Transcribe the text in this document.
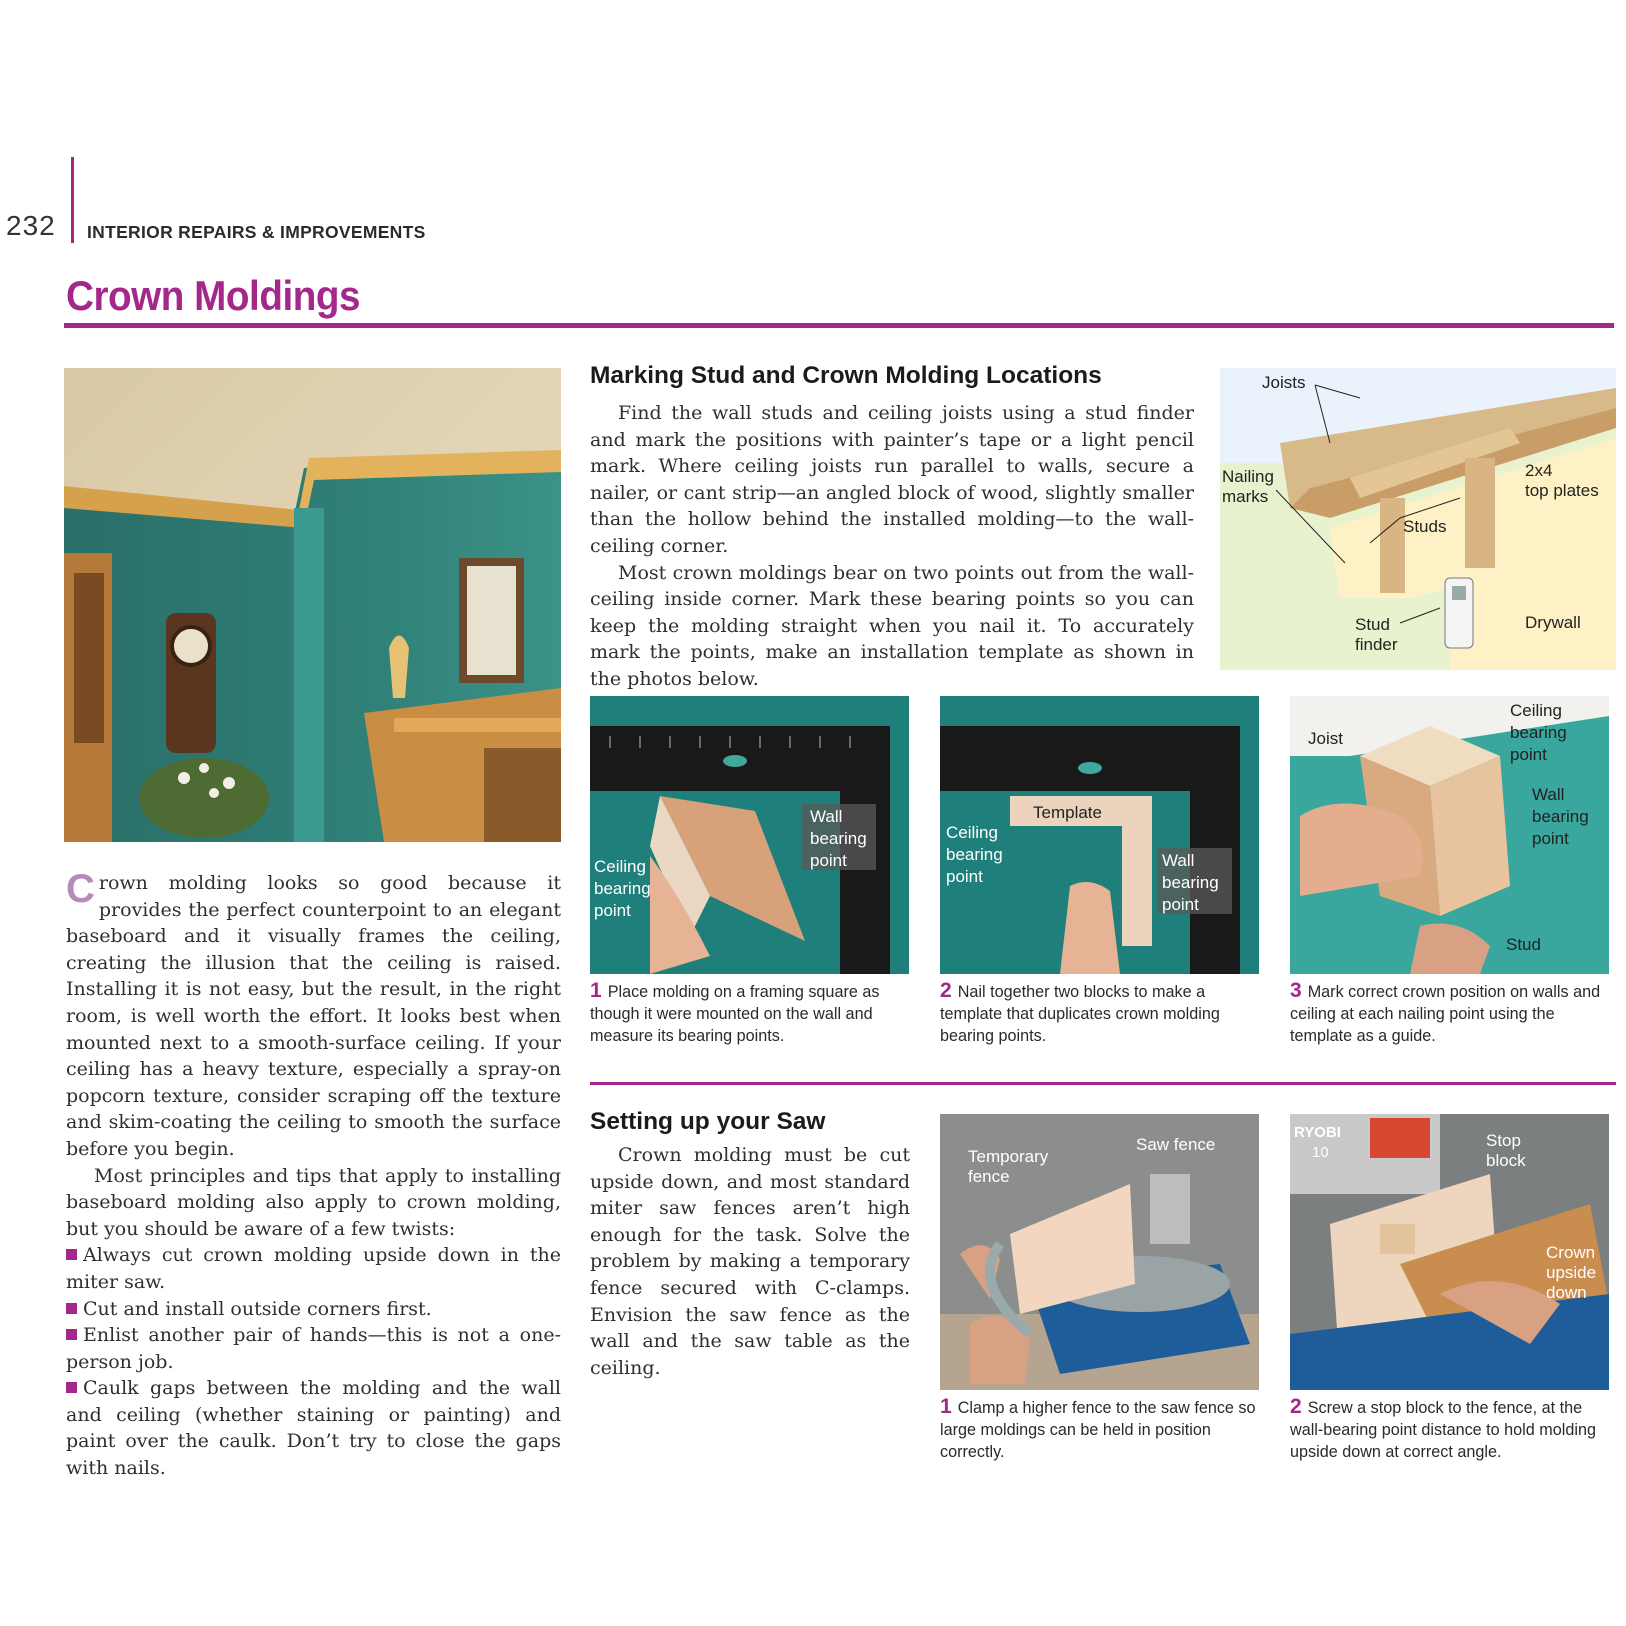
232 INTERIOR REPAIRS & IMPROVEMENTS
Crown Moldings

Crown molding looks so good because it provides the perfect counterpoint to an elegant baseboard and it visually frames the ceiling, creating the illusion that the ceiling is raised. Installing it is not easy, but the result, in the right room, is well worth the effort. It looks best when mounted next to a smooth-surface ceiling. If your ceiling has a heavy texture, especially a spray-on popcorn texture, consider scraping off the texture and skim-coating the ceiling to smooth the surface before you begin.

Most principles and tips that apply to installing baseboard molding also apply to crown molding, but you should be aware of a few twists:

Always cut crown molding upside down in the miter saw.
Cut and install outside corners first.
Enlist another pair of hands—this is not a one-person job.
Caulk gaps between the molding and the wall and ceiling (whether staining or painting) and paint over the caulk. Don’t try to close the gaps with nails.
Marking Stud and Crown Molding Locations

Find the wall studs and ceiling joists using a stud finder and mark the positions with painter’s tape or a light pencil mark. Where ceiling joists run parallel to walls, secure a nailer, or cant strip—an angled block of wood, slightly smaller than the hollow behind the installed molding—to the wall-ceiling corner.

Most crown moldings bear on two points out from the wall-ceiling inside corner. Mark these bearing points so you can keep the molding straight when you nail it. To accurately mark the points, make an installation template as shown in the photos below.

Joists
Nailing
marks
2x4
top plates
Studs
Stud
finder
Drywall
Wall
bearing
point
Ceiling
bearing
point
1 Place molding on a framing square as though it were mounted on the wall and measure its bearing points.
Template
Ceiling
bearing
point
Wall
bearing
point
2 Nail together two blocks to make a template that duplicates crown molding bearing points.
Joist
Ceiling
bearing
point
Wall
bearing
point
Stud
3 Mark correct crown position on walls and ceiling at each nailing point using the template as a guide.
Setting up your Saw

Crown molding must be cut upside down, and most standard miter saw fences aren’t high enough for the task. Solve the problem by making a temporary fence secured with C-clamps. Envision the saw fence as the wall and the saw table as the ceiling.

Temporary
fence
Saw fence
1 Clamp a higher fence to the saw fence so large moldings can be held in position correctly.
RYOBI
10
Stop
block
Crown
upside
down
2 Screw a stop block to the fence, at the wall-bearing point distance to hold molding upside down at correct angle.
